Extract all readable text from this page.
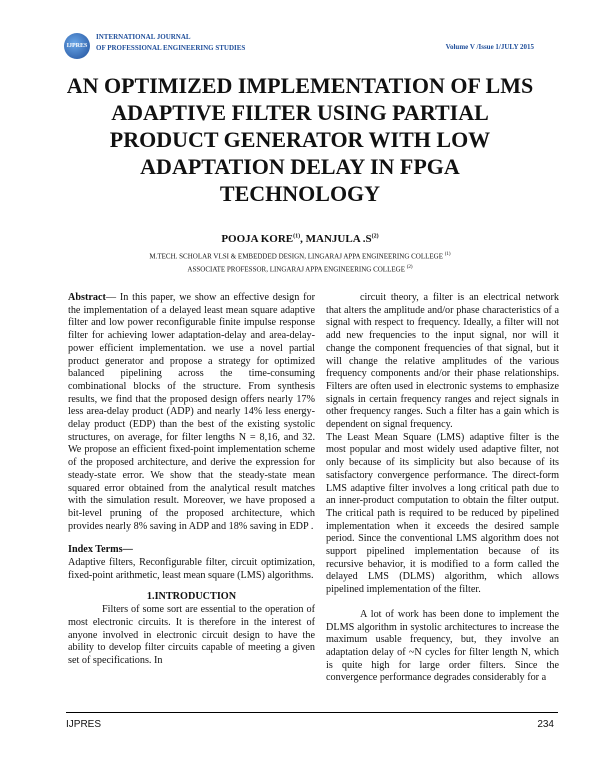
IJPRES
INTERNATIONAL JOURNAL
OF PROFESSIONAL ENGINEERING STUDIES	Volume V /Issue 1/JULY 2015
AN OPTIMIZED IMPLEMENTATION OF LMS ADAPTIVE FILTER USING PARTIAL PRODUCT GENERATOR WITH LOW ADAPTATION DELAY IN FPGA TECHNOLOGY
POOJA KORE$^{(1)}$, MANJULA $.S^{(2)}$
M.TECH. SCHOLAR VLSI & EMBEDDED DESIGN, LINGARAJ APPA ENGINEERING COLLEGE $^{(1)}$
ASSOCIATE PROFESSOR, LINGARAJ APPA ENGINEERING COLLEGE $^{(2)}$

Abstract— In this paper, we show an effective design for the implementation of a delayed least mean square adaptive filter and low power reconfigurable finite impulse response filter for achieving lower adaptation-delay and area-delay-power efficient implementation. we use a novel partial product generator and propose a strategy for optimized balanced pipelining across the time-consuming combinational blocks of the structure. From synthesis results, we find that the proposed design offers nearly 17% less area-delay product (ADP) and nearly 14% less energy-delay product (EDP) than the best of the existing systolic structures, on average, for filter lengths N = 8,16, and 32. We propose an efficient fixed-point implementation scheme of the proposed architecture, and derive the expression for steady-state error. We show that the steady-state mean squared error obtained from the analytical result matches with the simulation result. Moreover, we have proposed a bit-level pruning of the proposed architecture, which provides nearly 8% saving in ADP and 18% saving in EDP .

Index Terms—

Adaptive filters, Reconfigurable filter, circuit optimization, fixed-point arithmetic, least mean square (LMS) algorithms.

1.INTRODUCTION

Filters of some sort are essential to the operation of most electronic circuits. It is therefore in the interest of anyone involved in electronic circuit design to have the ability to develop filter circuits capable of meeting a given set of specifications. In

circuit theory, a filter is an electrical network that alters the amplitude and/or phase characteristics of a signal with respect to frequency. Ideally, a filter will not add new frequencies to the input signal, nor will it change the component frequencies of that signal, but it will change the relative amplitudes of the various frequency components and/or their phase relationships. Filters are often used in electronic systems to emphasize signals in certain frequency ranges and reject signals in other frequency ranges. Such a filter has a gain which is dependent on signal frequency.

The Least Mean Square (LMS) adaptive filter is the most popular and most widely used adaptive filter, not only because of its simplicity but also because of its satisfactory convergence performance. The direct-form LMS adaptive filter involves a long critical path due to an inner-product computation to obtain the filter output. The critical path is required to be reduced by pipelined implementation when it exceeds the desired sample period. Since the conventional LMS algorithm does not support pipelined implementation because of its recursive behavior, it is modified to a form called the delayed LMS (DLMS) algorithm, which allows pipelined implementation of the filter.

A lot of work has been done to implement the DLMS algorithm in systolic architectures to increase the maximum usable frequency, but, they involve an adaptation delay of ~N cycles for filter length N, which is quite high for large order filters. Since the convergence performance degrades considerably for a

IJPRES	234
